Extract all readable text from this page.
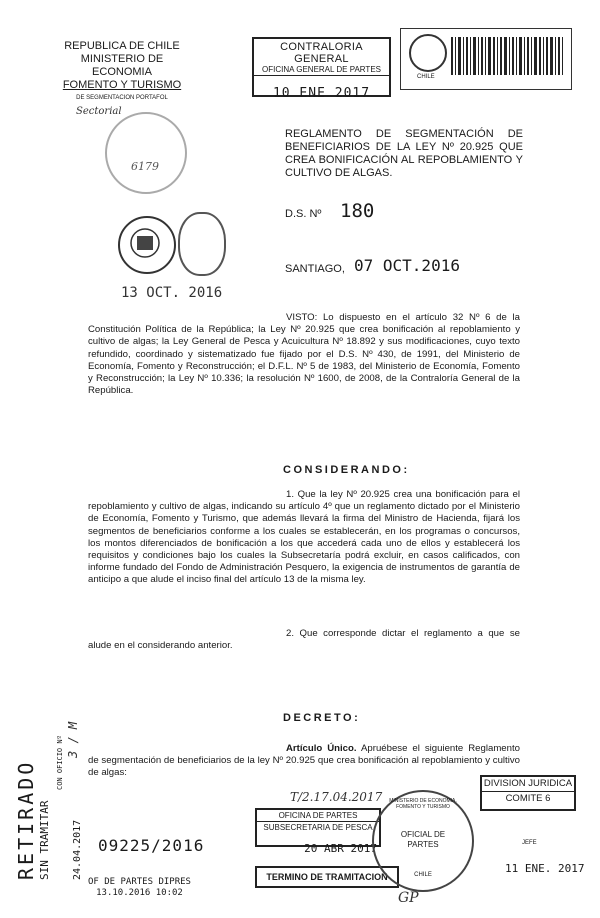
REPUBLICA DE CHILE
MINISTERIO DE ECONOMIA
FOMENTO Y TURISMO
DE SEGMENTACION PORTAFOL
Sectorial
6179
13 OCT. 2016
CONTRALORIA GENERAL
OFICINA GENERAL DE PARTES
10 ENE 2017
CHILE
REGLAMENTO DE SEGMENTACIÓN DE BENEFICIARIOS DE LA LEY Nº 20.925 QUE CREA BONIFICACIÓN AL REPOBLAMIENTO Y CULTIVO DE ALGAS.
D.S. Nº 180
SANTIAGO, 07 OCT.2016
VISTO: Lo dispuesto en el artículo 32 Nº 6 de la Constitución Política de la República; la Ley Nº 20.925 que crea bonificación al repoblamiento y cultivo de algas; la Ley General de Pesca y Acuicultura Nº 18.892 y sus modificaciones, cuyo texto refundido, coordinado y sistematizado fue fijado por el D.S. Nº 430, de 1991, del Ministerio de Economía, Fomento y Reconstrucción; el D.F.L. Nº 5 de 1983, del Ministerio de Economía, Fomento y Reconstrucción; la Ley Nº 10.336; la resolución Nº 1600, de 2008, de la Contraloría General de la República.
CONSIDERANDO:
1. Que la ley Nº 20.925 crea una bonificación para el repoblamiento y cultivo de algas, indicando su artículo 4º que un reglamento dictado por el Ministerio de Economía, Fomento y Turismo, que además llevará la firma del Ministro de Hacienda, fijará los segmentos de beneficiarios conforme a los cuales se establecerán, en los programas o concursos, los montos diferenciados de bonificación a los que accederá cada uno de ellos y establecerá los requisitos y condiciones bajo los cuales la Subsecretaría podrá excluir, en casos calificados, con informe fundado del Fondo de Administración Pesquero, la exigencia de instrumentos de garantía de anticipo a que alude el inciso final del artículo 13 de la misma ley.
2. Que corresponde dictar el reglamento a que se alude en el considerando anterior.
DECRETO:
Artículo Único. Apruébese el siguiente Reglamento de segmentación de beneficiarios de la ley Nº 20.925 que crea bonificación al repoblamiento y cultivo de algas:
RETIRADO SIN TRAMITAR
CON OFICIO Nº 3 / M
24.04.2017
T/2.17.04.2017
DIVISION JURIDICA
COMITE 6
JEFE
11 ENE. 2017
OFICINA DE PARTES
SUBSECRETARIA DE PESCA
20 ABR 2017
TERMINO DE TRAMITACION
MINISTERIO DE ECONOMIA, FOMENTO Y TURISMO
OFICIAL DE PARTES
CHILE
09225/2016
OF DE PARTES DIPRES
13.10.2016 10:02	GP
